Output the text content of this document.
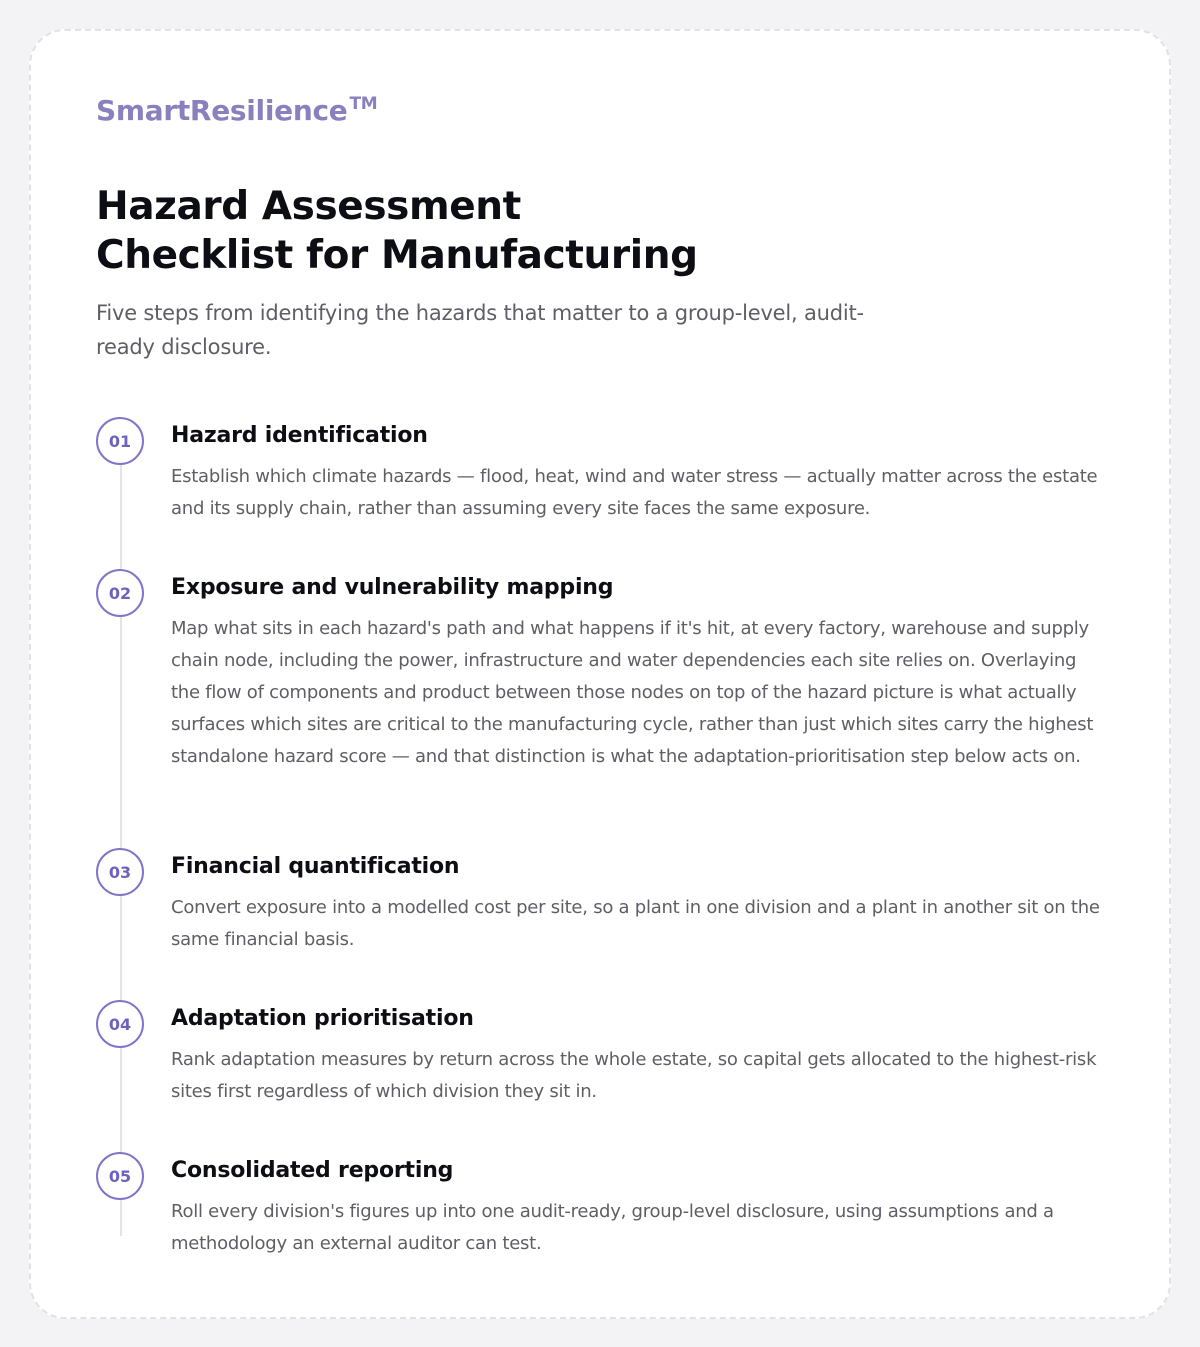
SmartResilience ™
Hazard Assessment
Checklist for Manufacturing

Five steps from identifying the hazards that matter to a group-level, audit-ready disclosure.

01	Hazard identification

Establish which climate hazards — flood, heat, wind and water stress — actually matter across the estate and its supply chain, rather than assuming every site faces the same exposure.

02	Exposure and vulnerability mapping

Map what sits in each hazard's path and what happens if it's hit, at every factory, warehouse and supply chain node, including the power, infrastructure and water dependencies each site relies on. Overlaying the flow of components and product between those nodes on top of the hazard picture is what actually surfaces which sites are critical to the manufacturing cycle, rather than just which sites carry the highest standalone hazard score — and that distinction is what the adaptation-prioritisation step below acts on.

03	Financial quantification

Convert exposure into a modelled cost per site, so a plant in one division and a plant in another sit on the same financial basis.

04	Adaptation prioritisation

Rank adaptation measures by return across the whole estate, so capital gets allocated to the highest-risk sites first regardless of which division they sit in.

05	Consolidated reporting

Roll every division's figures up into one audit-ready, group-level disclosure, using assumptions and a methodology an external auditor can test.
